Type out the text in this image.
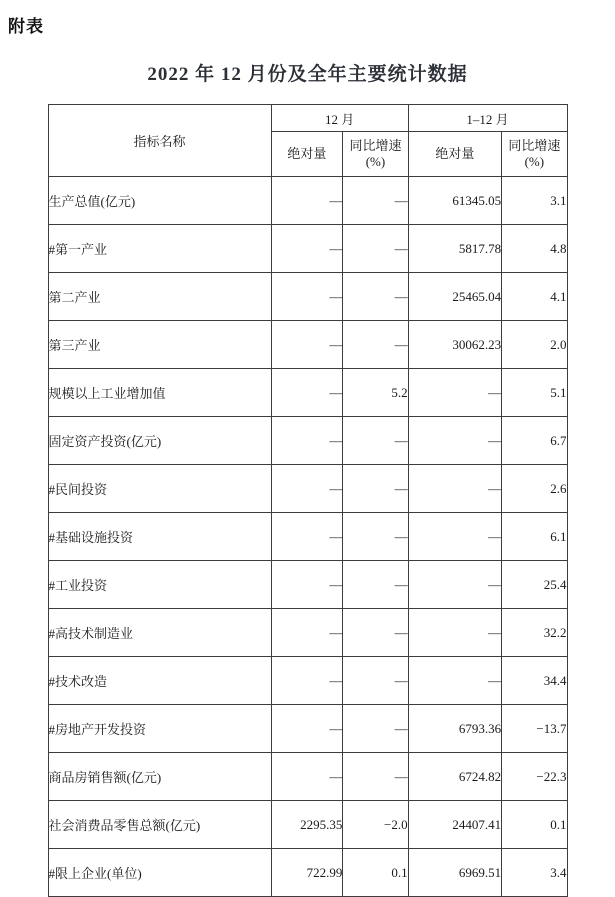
附表
2022 年 12 月份及全年主要统计数据
指标名称	12 月		1–12 月	
	绝对量	同比增速(%)	绝对量	同比增速(%)
生产总值(亿元)	—	—	61345.05	3.1
#第一产业	—	—	5817.78	4.8
第二产业	—	—	25465.04	4.1
第三产业	—	—	30062.23	2.0
规模以上工业增加值	—	5.2	—	5.1
固定资产投资(亿元)	—	—	—	6.7
#民间投资	—	—	—	2.6
#基础设施投资	—	—	—	6.1
#工业投资	—	—	—	25.4
#高技术制造业	—	—	—	32.2
#技术改造	—	—	—	34.4
#房地产开发投资	—	—	6793.36	−13.7
商品房销售额(亿元)	—	—	6724.82	−22.3
社会消费品零售总额(亿元)	2295.35	−2.0	24407.41	0.1
#限上企业(单位)	722.99	0.1	6969.51	3.4
